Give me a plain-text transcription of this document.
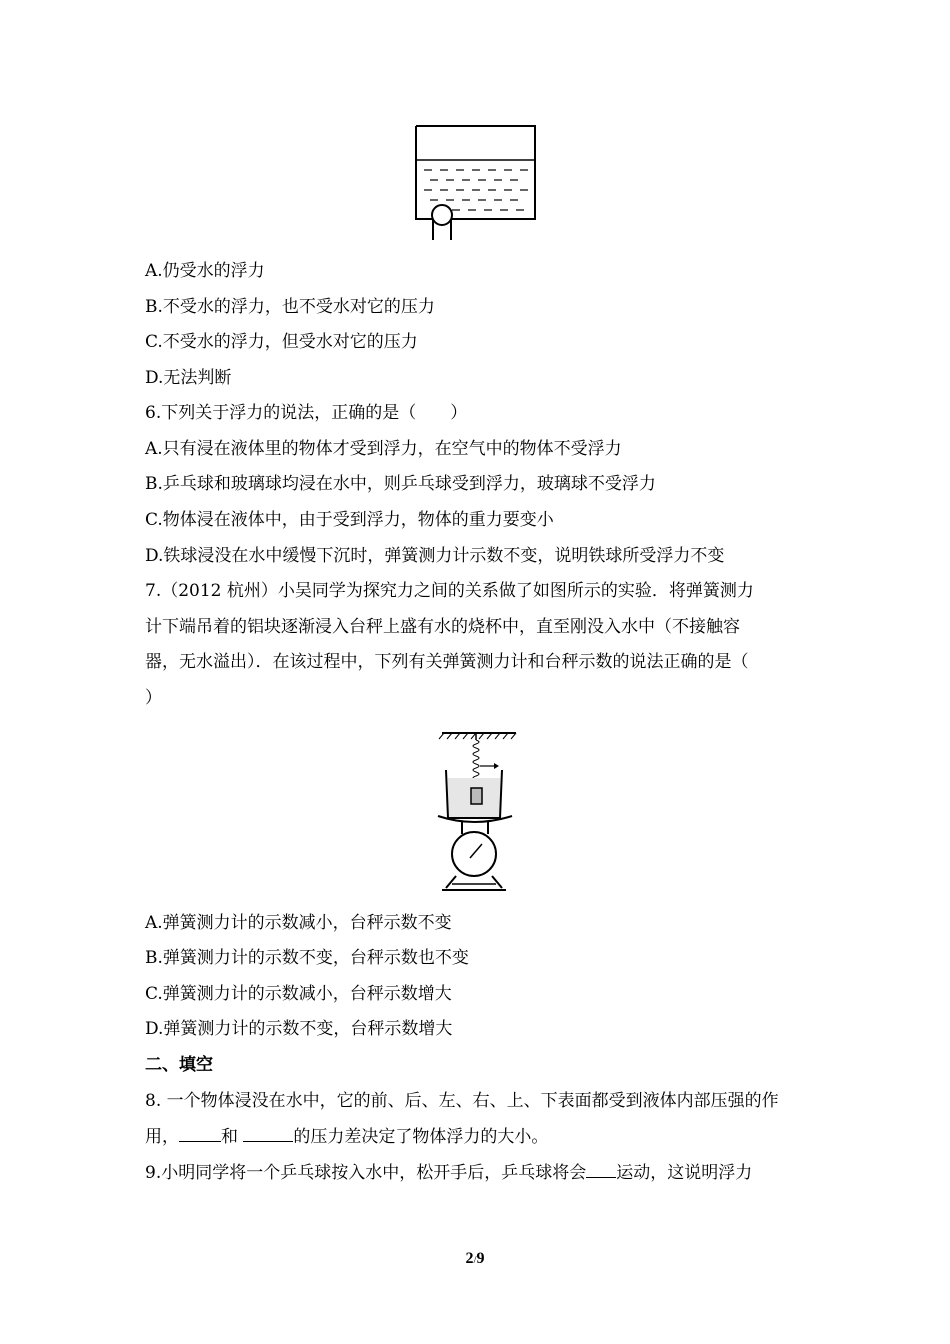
A.仍受水的浮力
B.不受水的浮力，也不受水对它的压力
C.不受水的浮力，但受水对它的压力
D.无法判断
6.下列关于浮力的说法，正确的是（　　）
A.只有浸在液体里的物体才受到浮力，在空气中的物体不受浮力
B.乒乓球和玻璃球均浸在水中，则乒乓球受到浮力，玻璃球不受浮力
C.物体浸在液体中，由于受到浮力，物体的重力要变小
D.铁球浸没在水中缓慢下沉时，弹簧测力计示数不变，说明铁球所受浮力不变
7.（2012 杭州）小吴同学为探究力之间的关系做了如图所示的实验．将弹簧测力
计下端吊着的铝块逐渐浸入台秤上盛有水的烧杯中，直至刚没入水中（不接触容
器，无水溢出）．在该过程中，下列有关弹簧测力计和台秤示数的说法正确的是（
）
A.弹簧测力计的示数减小，台秤示数不变
B.弹簧测力计的示数不变，台秤示数也不变
C.弹簧测力计的示数减小，台秤示数增大
D.弹簧测力计的示数不变，台秤示数增大
二、填空
8. 一个物体浸没在水中，它的前、后、左、右、上、下表面都受到液体内部压强的作
用， 和	的压力差决定了物体浮力的大小。
9.小明同学将一个乒乓球按入水中，松开手后，乒乓球将会 运动，这说明浮力
2/9
